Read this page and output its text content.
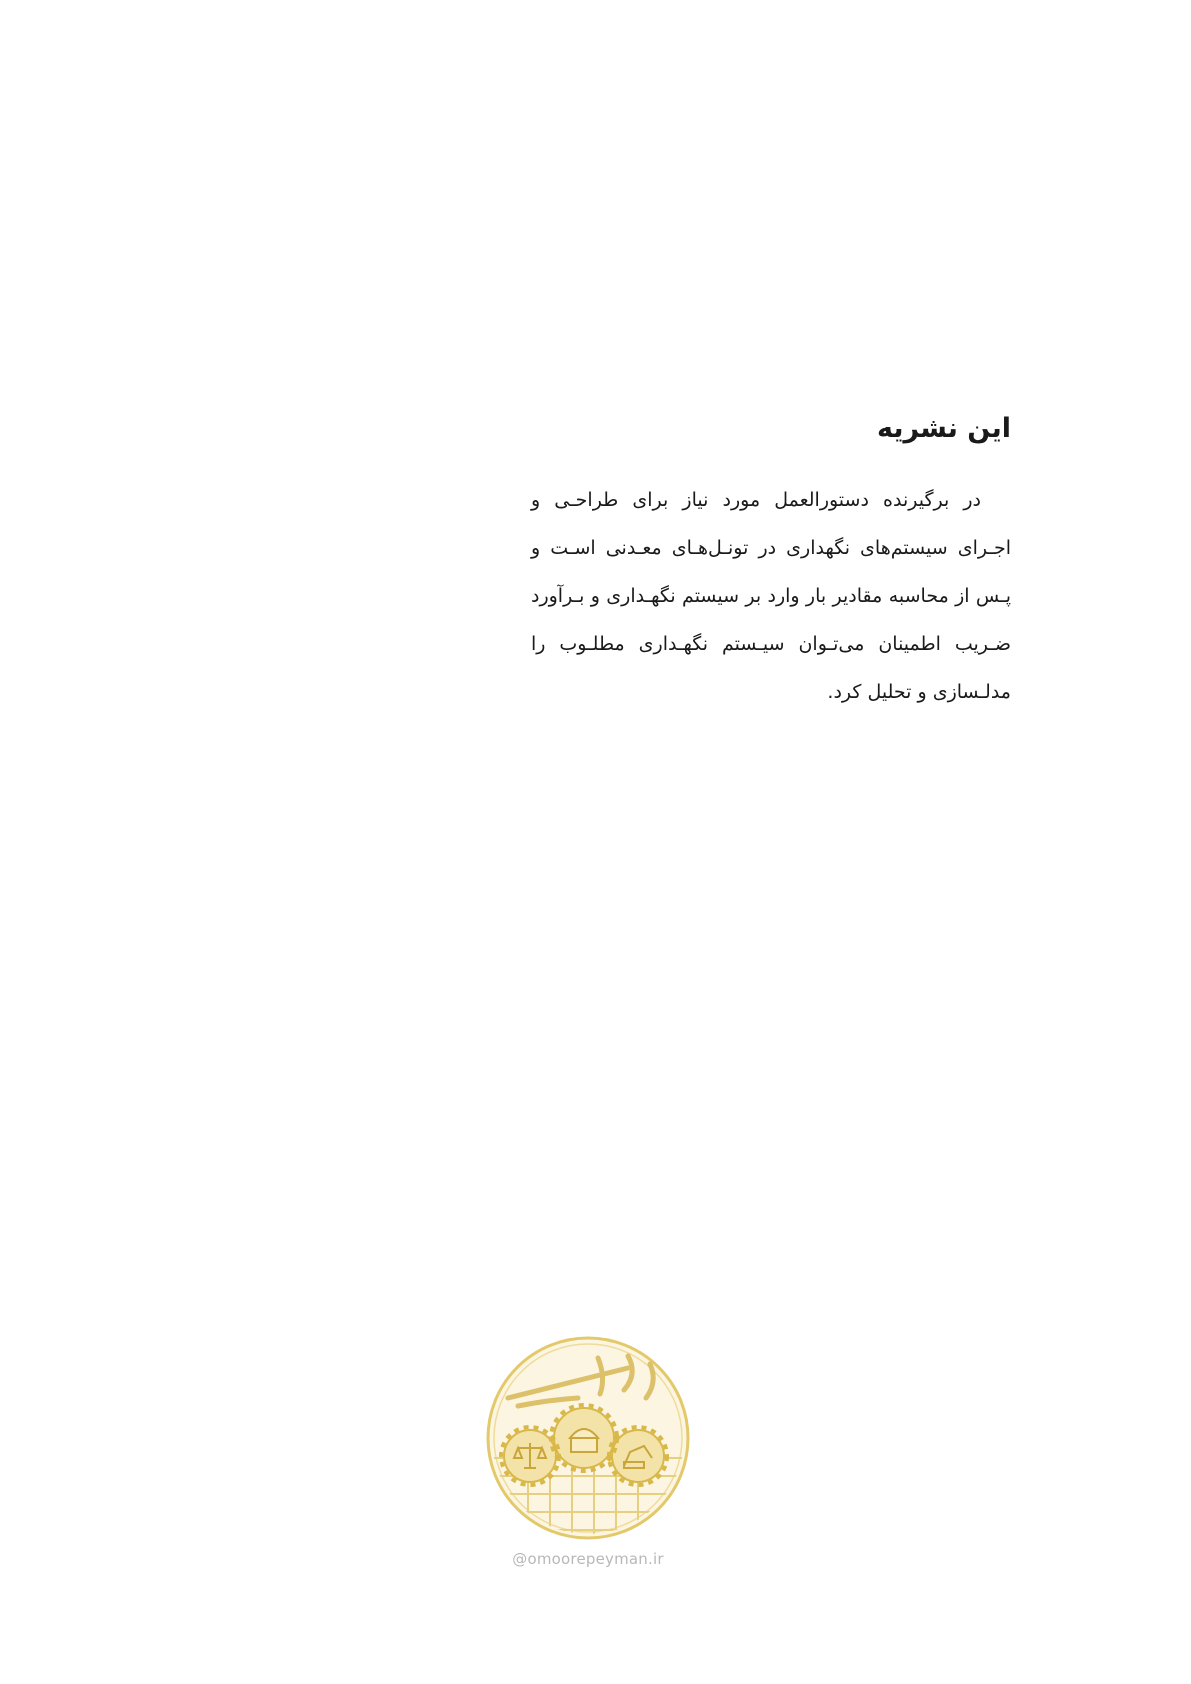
این نشریه

در برگیرنده دستورالعمل مورد نیاز برای طراحـی و اجـرای سیستم‌های نگهداری در تونـل‌هـای معـدنی اسـت و پـس از محاسبه مقادیر بار وارد بر سیستم نگهـداری و بـرآورد ضـریب اطمینان می‌تـوان سیـستم نگهـداری مطلـوب را مدلـسازی و تحلیل کرد.

@omoorepeyman.ir
